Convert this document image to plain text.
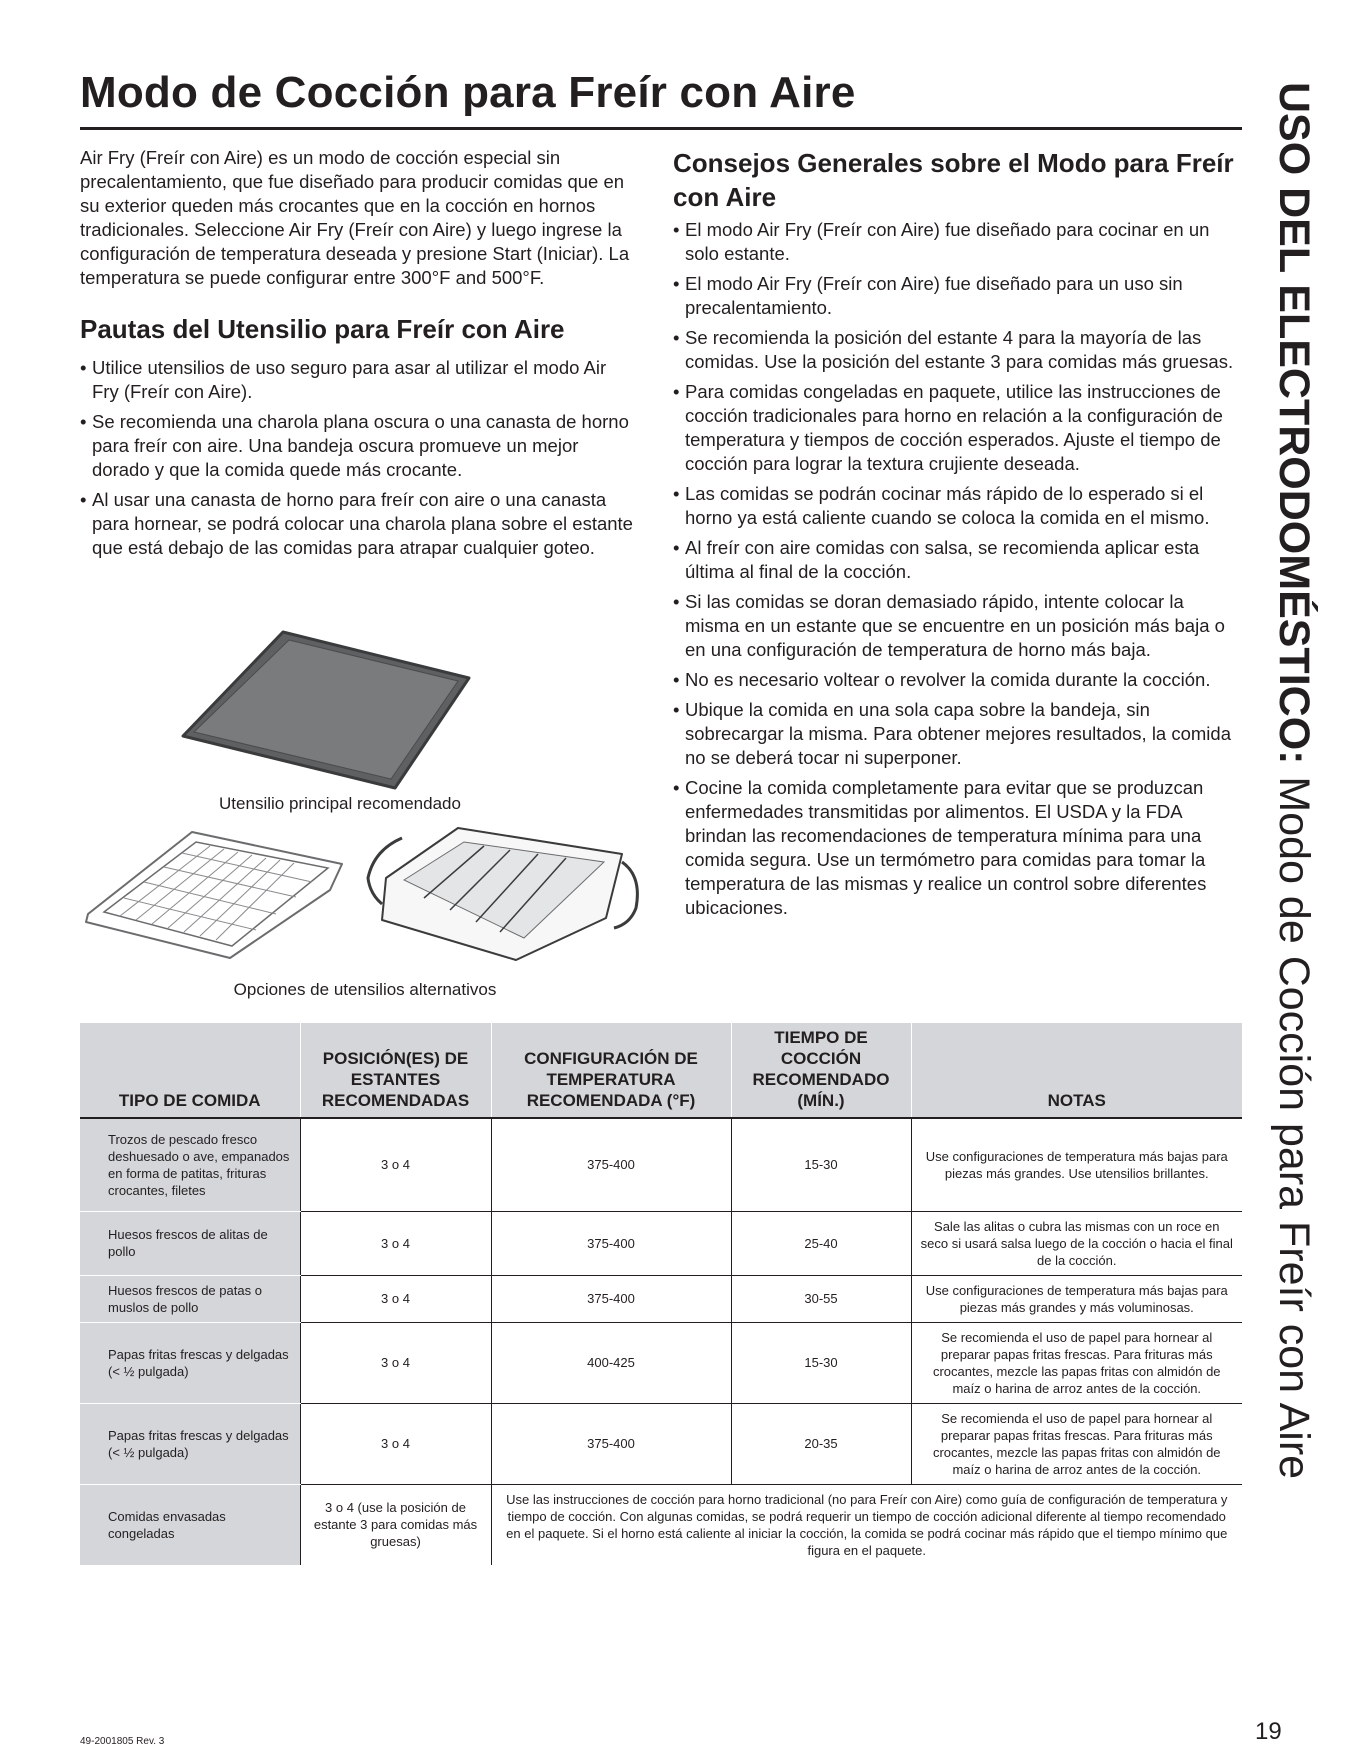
Modo de Cocción para Freír con Aire	USO DEL ELECTRODOMÉSTICO: Modo de Cocción para Freír con Aire

Air Fry (Freír con Aire) es un modo de cocción especial sin precalentamiento, que fue diseñado para producir comidas que en su exterior queden más crocantes que en la cocción en hornos tradicionales. Seleccione Air Fry (Freír con Aire) y luego ingrese la configuración de temperatura deseada y presione Start (Iniciar). La temperatura se puede configurar entre 300°F and 500°F.

Pautas del Utensilio para Freír con Aire
• Utilice utensilios de uso seguro para asar al utilizar el modo Air Fry (Freír con Aire).
• Se recomienda una charola plana oscura o una canasta de horno para freír con aire. Una bandeja oscura promueve un mejor dorado y que la comida quede más crocante.
• Al usar una canasta de horno para freír con aire o una canasta para hornear, se podrá colocar una charola plana sobre el estante que está debajo de las comidas para atrapar cualquier goteo.
Utensilio principal recomendado
Opciones de utensilios alternativos
Consejos Generales sobre el Modo para Freír con Aire
• El modo Air Fry (Freír con Aire) fue diseñado para cocinar en un solo estante.
• El modo Air Fry (Freír con Aire) fue diseñado para un uso sin precalentamiento.
• Se recomienda la posición del estante 4 para la mayoría de las comidas. Use la posición del estante 3 para comidas más gruesas.
• Para comidas congeladas en paquete, utilice las instrucciones de cocción tradicionales para horno en relación a la configuración de temperatura y tiempos de cocción esperados. Ajuste el tiempo de cocción para lograr la textura crujiente deseada.
• Las comidas se podrán cocinar más rápido de lo esperado si el horno ya está caliente cuando se coloca la comida en el mismo.
• Al freír con aire comidas con salsa, se recomienda aplicar esta última al final de la cocción.
• Si las comidas se doran demasiado rápido, intente colocar la misma en un estante que se encuentre en un posición más baja o en una configuración de temperatura de horno más baja.
• No es necesario voltear o revolver la comida durante la cocción.
• Ubique la comida en una sola capa sobre la bandeja, sin sobrecargar la misma. Para obtener mejores resultados, la comida no se deberá tocar ni superponer.
• Cocine la comida completamente para evitar que se produzcan enfermedades transmitidas por alimentos. El USDA y la FDA brindan las recomendaciones de temperatura mínima para una comida segura. Use un termómetro para comidas para tomar la temperatura de las mismas y realice un control sobre diferentes ubicaciones.
TIPO DE COMIDA	POSICIÓN(ES) DE ESTANTES RECOMENDADAS	CONFIGURACIÓN DE TEMPERATURA RECOMENDADA (°F)	TIEMPO DE COCCIÓN RECOMENDADO (MÍN.)	NOTAS
Trozos de pescado fresco deshuesado o ave, empanados en forma de patitas, frituras crocantes, filetes	3 o 4	375-400	15-30	Use configuraciones de temperatura más bajas para piezas más grandes. Use utensilios brillantes.
Huesos frescos de alitas de pollo	3 o 4	375-400	25-40	Sale las alitas o cubra las mismas con un roce en seco si usará salsa luego de la cocción o hacia el final de la cocción.
Huesos frescos de patas o muslos de pollo	3 o 4	375-400	30-55	Use configuraciones de temperatura más bajas para piezas más grandes y más voluminosas.
Papas fritas frescas y delgadas (< ½ pulgada)	3 o 4	400-425	15-30	Se recomienda el uso de papel para hornear al preparar papas fritas frescas. Para frituras más crocantes, mezcle las papas fritas con almidón de maíz o harina de arroz antes de la cocción.
Papas fritas frescas y delgadas (< ½ pulgada)	3 o 4	375-400	20-35	Se recomienda el uso de papel para hornear al preparar papas fritas frescas. Para frituras más crocantes, mezcle las papas fritas con almidón de maíz o harina de arroz antes de la cocción.
Comidas envasadas congeladas	3 o 4 (use la posición de estante 3 para comidas más gruesas)	Use las instrucciones de cocción para horno tradicional (no para Freír con Aire) como guía de configuración de temperatura y tiempo de cocción. Con algunas comidas, se podrá requerir un tiempo de cocción adicional diferente al tiempo recomendado en el paquete. Si el horno está caliente al iniciar la cocción, la comida se podrá cocinar más rápido que el tiempo mínimo que figura en el paquete.		
49-2001805 Rev. 3	19
